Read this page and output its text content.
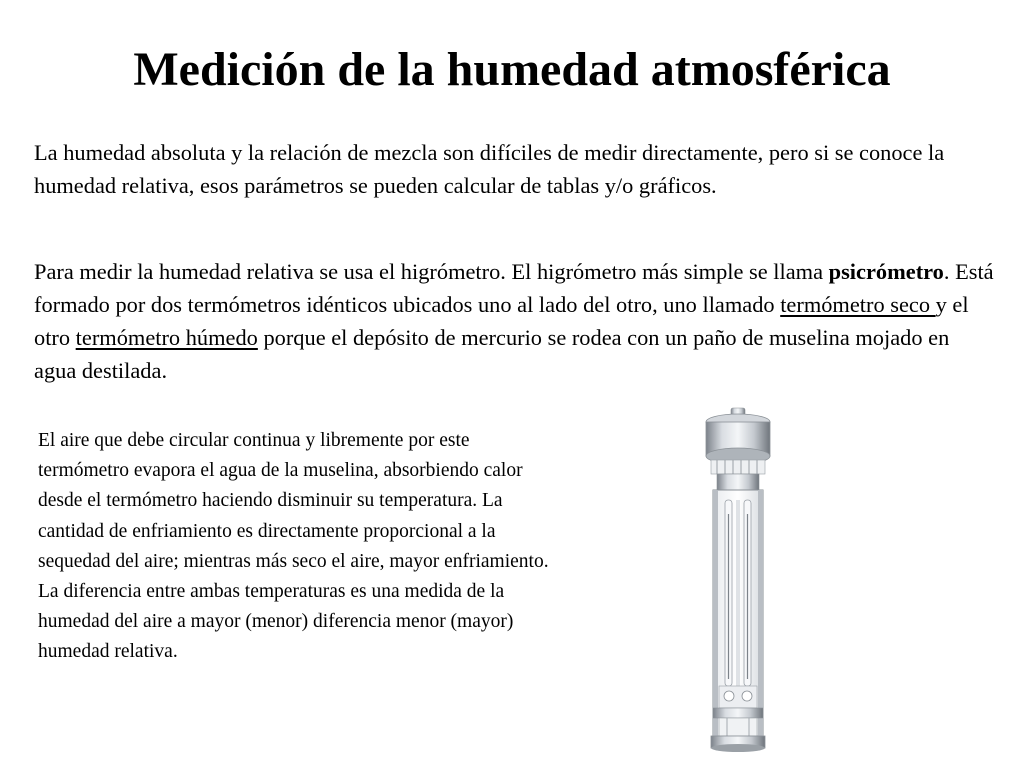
Medición de la humedad atmosférica

La humedad absoluta y la relación de mezcla son difíciles de medir directamente, pero si se conoce la humedad relativa, esos parámetros se pueden calcular de tablas y/o gráficos.

Para medir la humedad relativa se usa el higrómetro. El higrómetro más simple se llama psicrómetro. Está formado por dos termómetros idénticos ubicados uno al lado del otro, uno llamado termómetro seco y el otro termómetro húmedo porque el depósito de mercurio se rodea con un paño de muselina mojado en agua destilada.

El aire que debe circular continua y libremente por este termómetro evapora el agua de la muselina, absorbiendo calor desde el termómetro haciendo disminuir su temperatura. La cantidad de enfriamiento es directamente proporcional a la sequedad del aire; mientras más seco el aire, mayor enfriamiento. La diferencia entre ambas temperaturas es una medida de la humedad del aire a mayor (menor) diferencia menor (mayor) humedad relativa.
